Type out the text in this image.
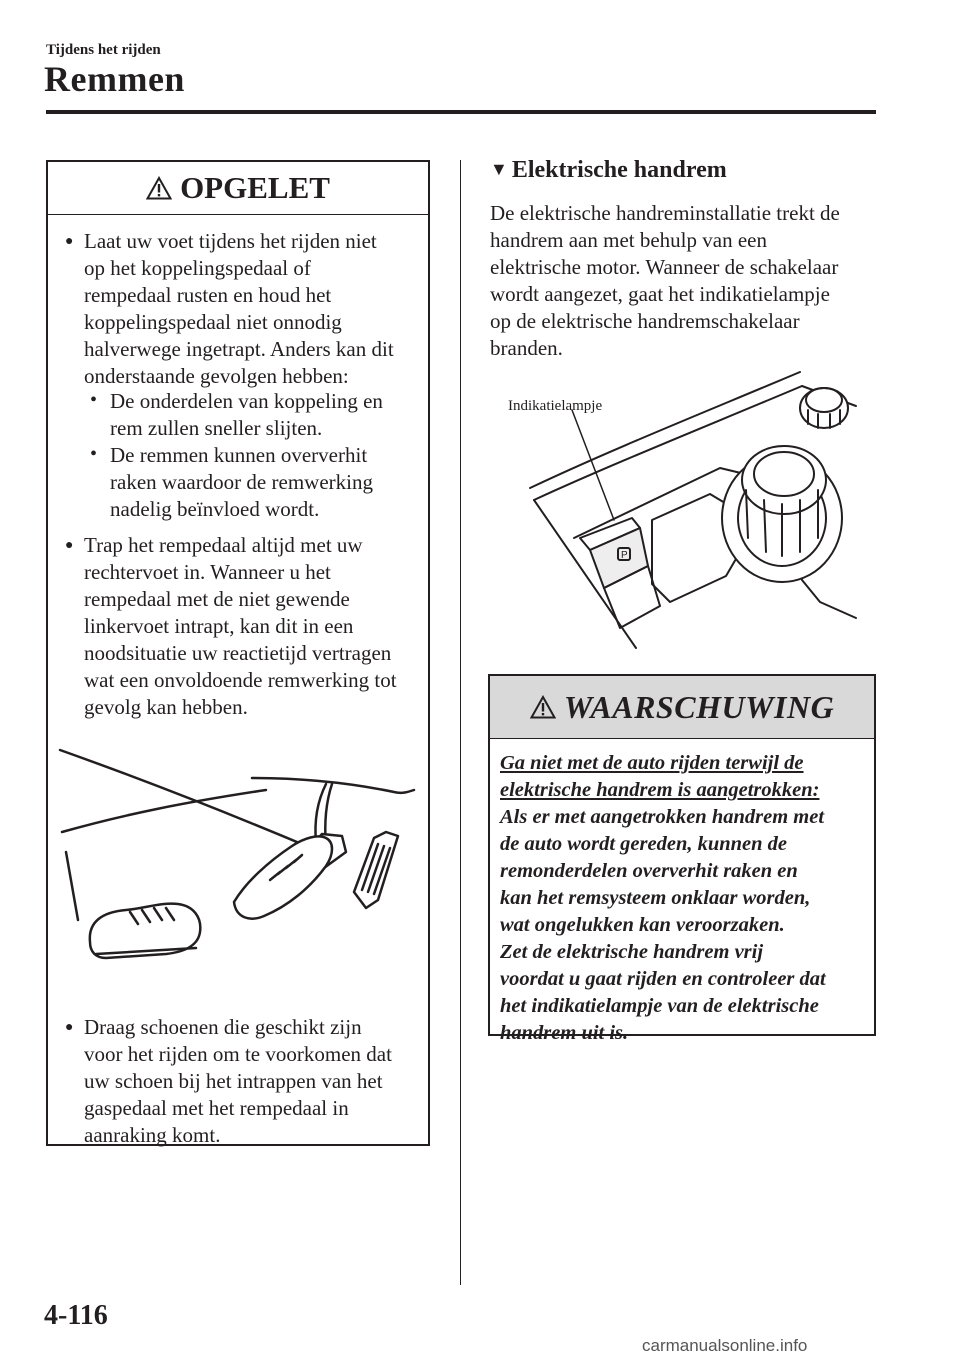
Tijdens het rijden
Remmen
OPGELET
● Laat uw voet tijdens het rijden niet
op het koppelingspedaal of
rempedaal rusten en houd het
koppelingspedaal niet onnodig
halverwege ingetrapt. Anders kan dit
onderstaande gevolgen hebben:
• De onderdelen van koppeling en
rem zullen sneller slijten.
• De remmen kunnen oververhit
raken waardoor de remwerking
nadelig beïnvloed wordt.
● Trap het rempedaal altijd met uw
rechtervoet in. Wanneer u het
rempedaal met de niet gewende
linkervoet intrapt, kan dit in een
noodsituatie uw reactietijd vertragen
wat een onvoldoende remwerking tot
gevolg kan hebben.
● Draag schoenen die geschikt zijn
voor het rijden om te voorkomen dat
uw schoen bij het intrappen van het
gaspedaal met het rempedaal in
aanraking komt.
▼ Elektrische handrem
De elektrische handreminstallatie trekt de
handrem aan met behulp van een
elektrische motor. Wanneer de schakelaar
wordt aangezet, gaat het indikatielampje
op de elektrische handremschakelaar
branden.
P
Indikatielampje
WAARSCHUWING
Ga niet met de auto rijden terwijl de
elektrische handrem is aangetrokken:
Als er met aangetrokken handrem met
de auto wordt gereden, kunnen de
remonderdelen oververhit raken en
kan het remsysteem onklaar worden,
wat ongelukken kan veroorzaken.
Zet de elektrische handrem vrij
voordat u gaat rijden en controleer dat
het indikatielampje van de elektrische
handrem uit is.
4-116
carmanualsonline.info
